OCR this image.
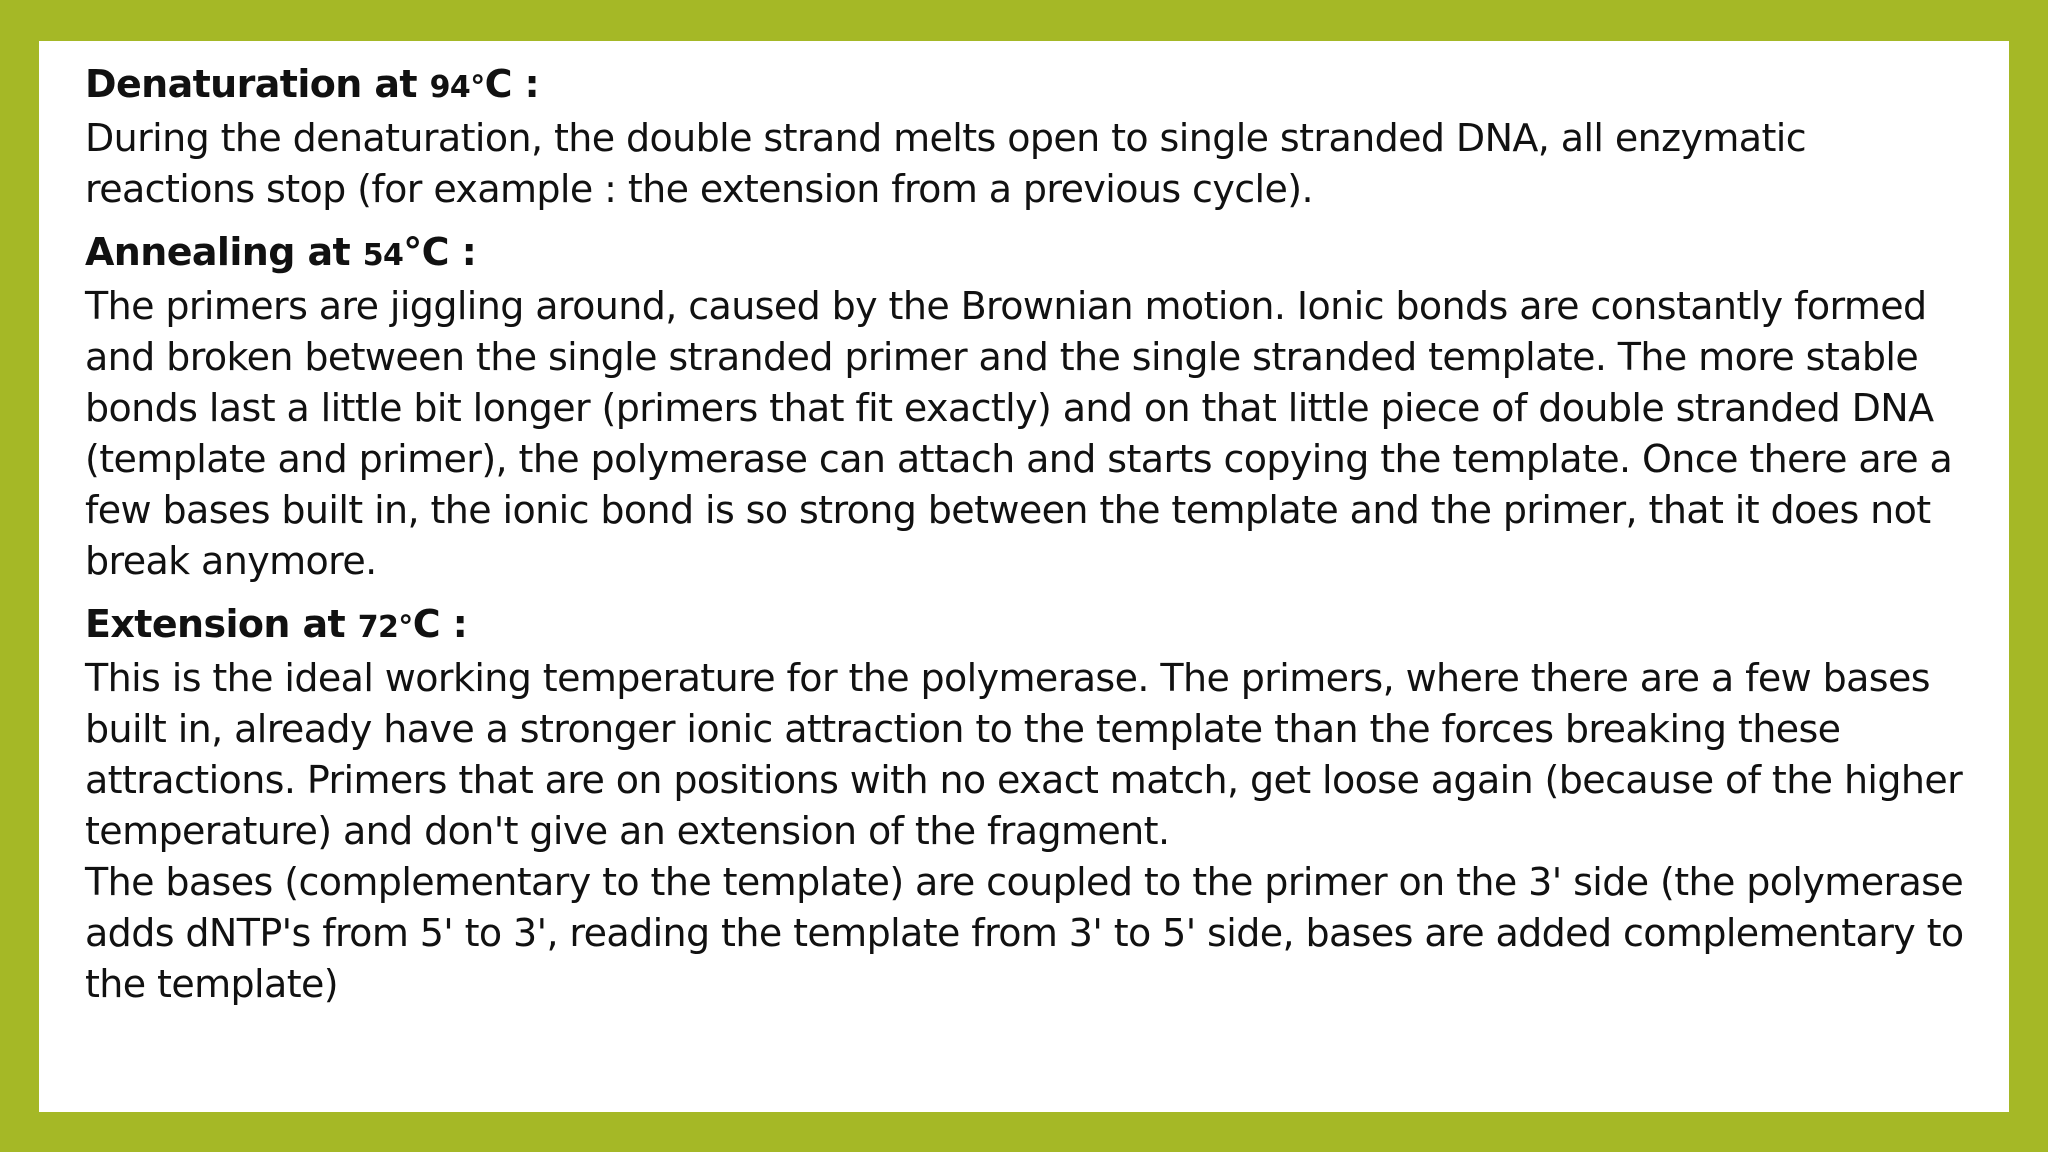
Denaturation at 94°C :

During the denaturation, the double strand melts open to single stranded DNA, all enzymatic reactions stop (for example : the extension from a previous cycle).

Annealing at 54°C :

The primers are jiggling around, caused by the Brownian motion. Ionic bonds are constantly formed and broken between the single stranded primer and the single stranded template. The more stable bonds last a little bit longer (primers that fit exactly) and on that little piece of double stranded DNA (template and primer), the polymerase can attach and starts copying the template. Once there are a few bases built in, the ionic bond is so strong between the template and the primer, that it does not break anymore.

Extension at 72°C :

This is the ideal working temperature for the polymerase. The primers, where there are a few bases built in, already have a stronger ionic attraction to the template than the forces breaking these attractions. Primers that are on positions with no exact match, get loose again (because of the higher temperature) and don't give an extension of the fragment.

The bases (complementary to the template) are coupled to the primer on the 3' side (the polymerase adds dNTP's from 5' to 3', reading the template from 3' to 5' side, bases are added complementary to the template)
